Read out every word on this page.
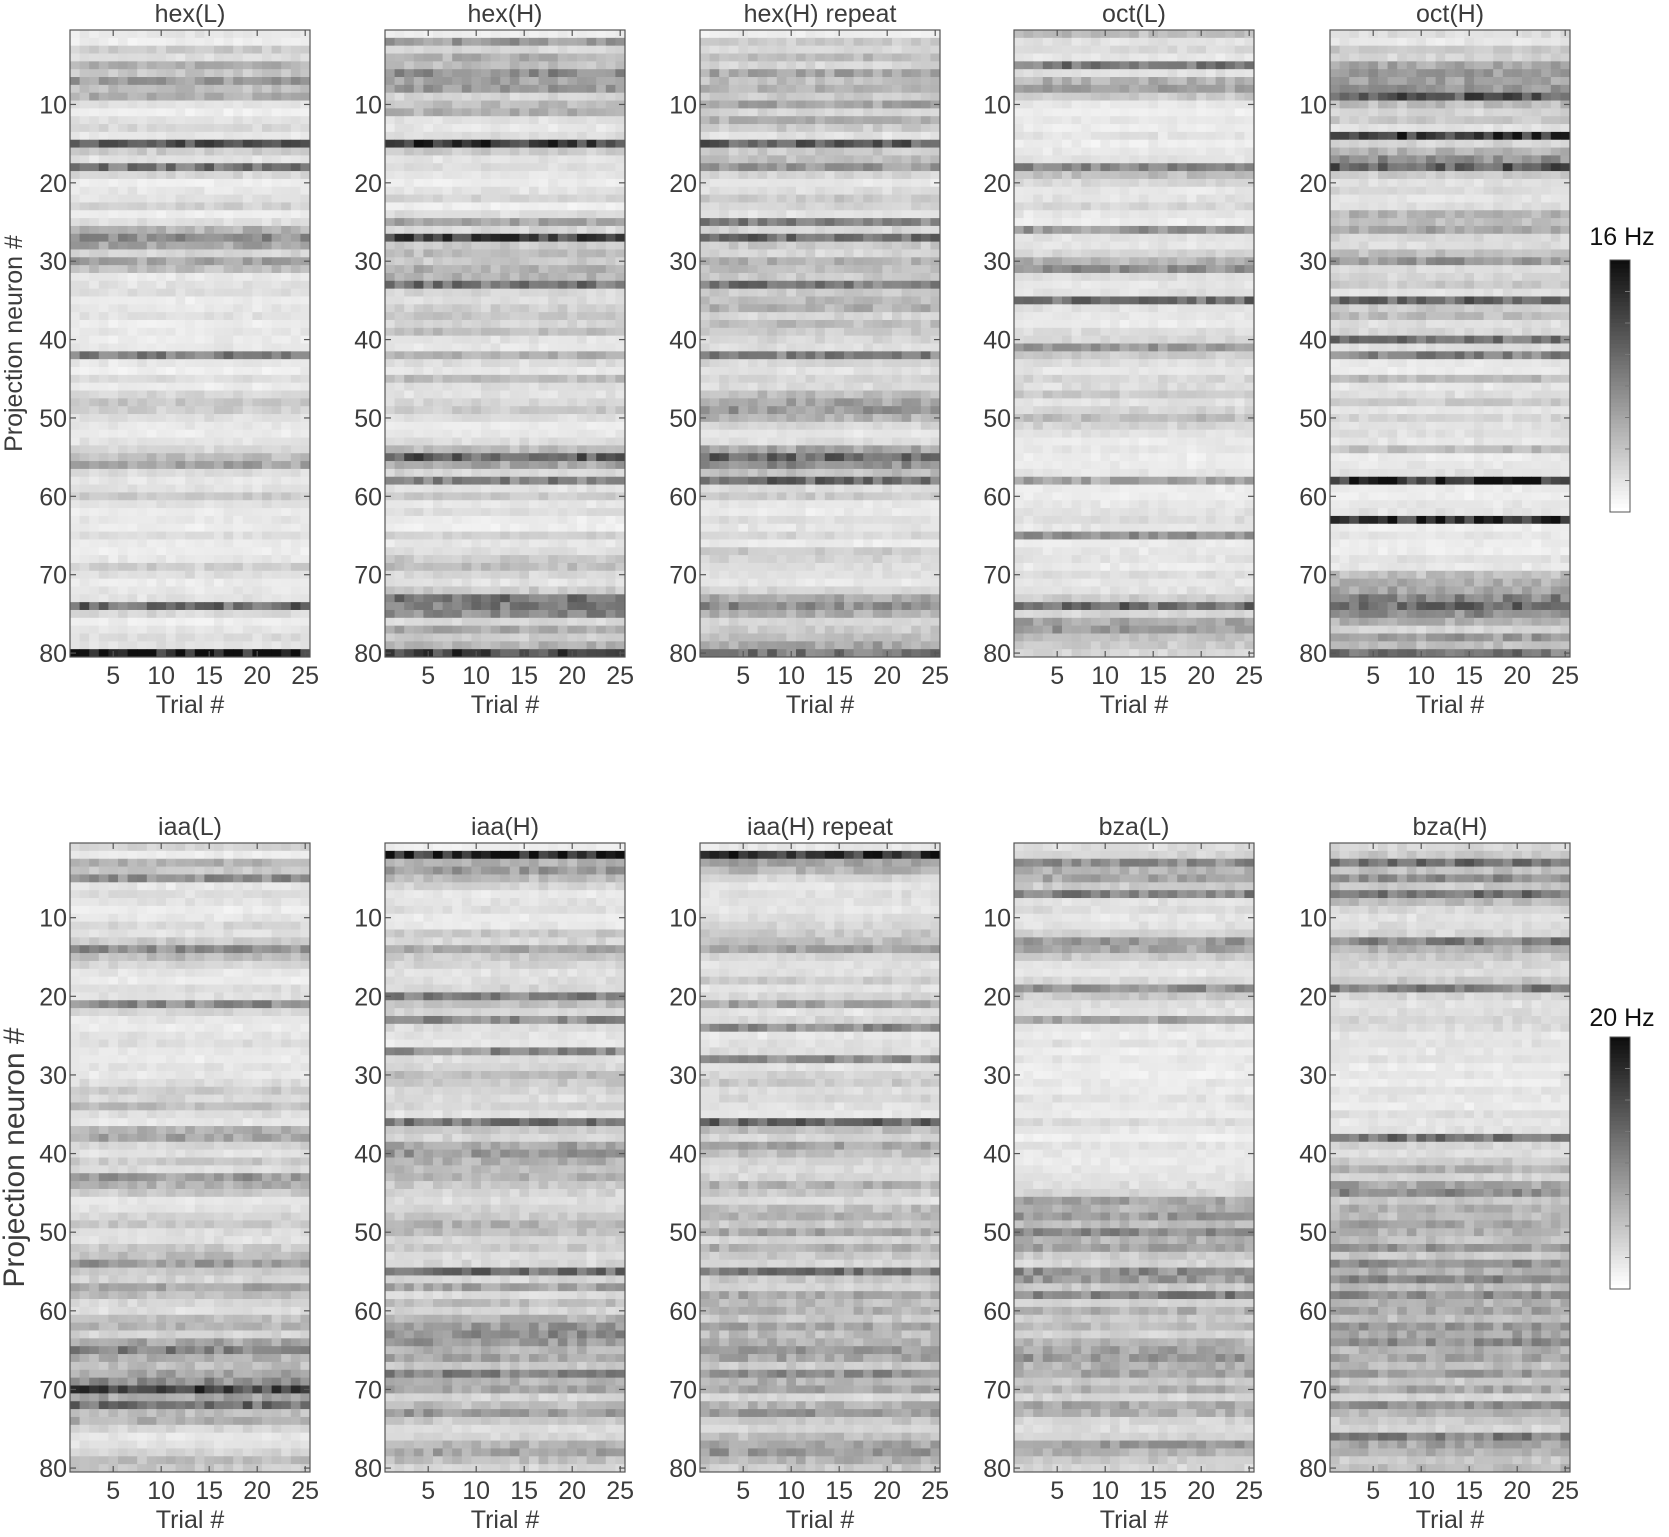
hex(L)
10
20
30
40
50
60
70
80
5 10 15 20 25
Trial #
Projection neuron #
hex(H)
10
20
30
40
50
60
70
80
5 10 15 20 25
Trial #
hex(H) repeat
10
20
30
40
50
60
70
80
5 10 15 20 25
Trial #
oct(L)
10
20
30
40
50
60
70
80
5 10 15 20 25
Trial #
oct(H)
10
20
30
40
50
60
70
80
5 10 15 20 25
Trial #
iaa(L)
10
20
30
40
50
60
70
80
5 10 15 20 25
Trial #
Projection neuron #
iaa(H)
10
20
30
40
50
60
70
80
5 10 15 20 25
Trial #
iaa(H) repeat
10
20
30
40
50
60
70
80
5 10 15 20 25
Trial #
bza(L)
10
20
30
40
50
60
70
80
5 10 15 20 25
Trial #
bza(H)
10
20
30
40
50
60
70
80
5 10 15 20 25
Trial #
16 Hz
20 Hz
